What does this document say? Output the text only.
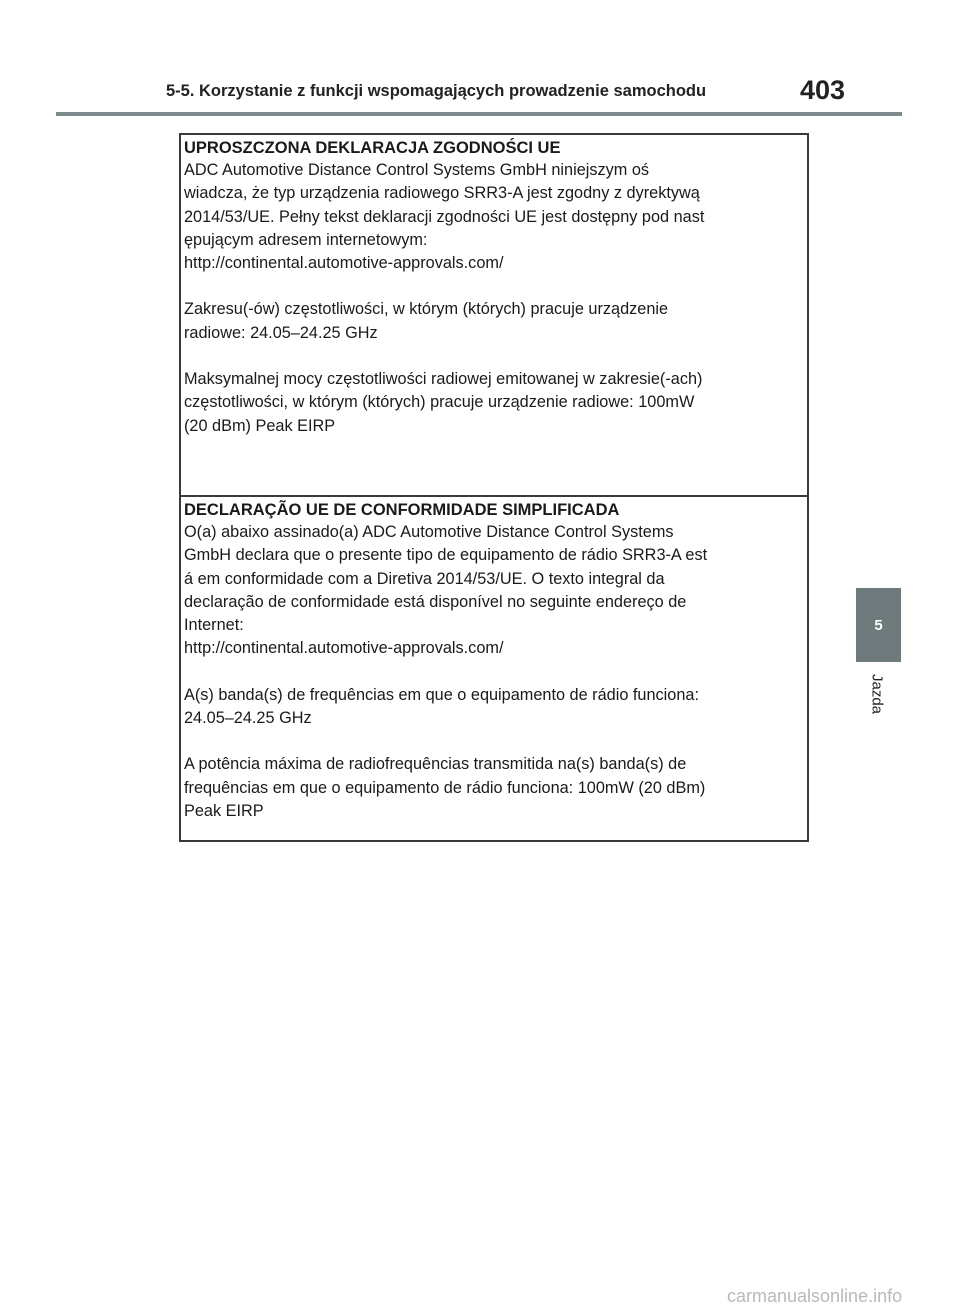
5-5. Korzystanie z funkcji wspomagających prowadzenie samochodu	403
5
Jazda
UPROSZCZONA DEKLARACJA ZGODNOŚCI UE

ADC Automotive Distance Control Systems GmbH niniejszym oś
wiadcza, że typ urządzenia radiowego SRR3-A jest zgodny z dyrektywą
2014/53/UE. Pełny tekst deklaracji zgodności UE jest dostępny pod nast
ępującym adresem internetowym:
http://continental.automotive-approvals.com/

Zakresu(-ów) częstotliwości, w którym (których) pracuje urządzenie
radiowe: 24.05–24.25 GHz

Maksymalnej mocy częstotliwości radiowej emitowanej w zakresie(-ach)
częstotliwości, w którym (których) pracuje urządzenie radiowe: 100mW
(20 dBm) Peak EIRP

DECLARAÇÃO UE DE CONFORMIDADE SIMPLIFICADA

O(a) abaixo assinado(a) ADC Automotive Distance Control Systems
GmbH declara que o presente tipo de equipamento de rádio SRR3-A est
á em conformidade com a Diretiva 2014/53/UE. O texto integral da
declaração de conformidade está disponível no seguinte endereço de
Internet:
http://continental.automotive-approvals.com/

A(s) banda(s) de frequências em que o equipamento de rádio funciona:
24.05–24.25 GHz

A potência máxima de radiofrequências transmitida na(s) banda(s) de
frequências em que o equipamento de rádio funciona: 100mW (20 dBm)
Peak EIRP

carmanualsonline.info
